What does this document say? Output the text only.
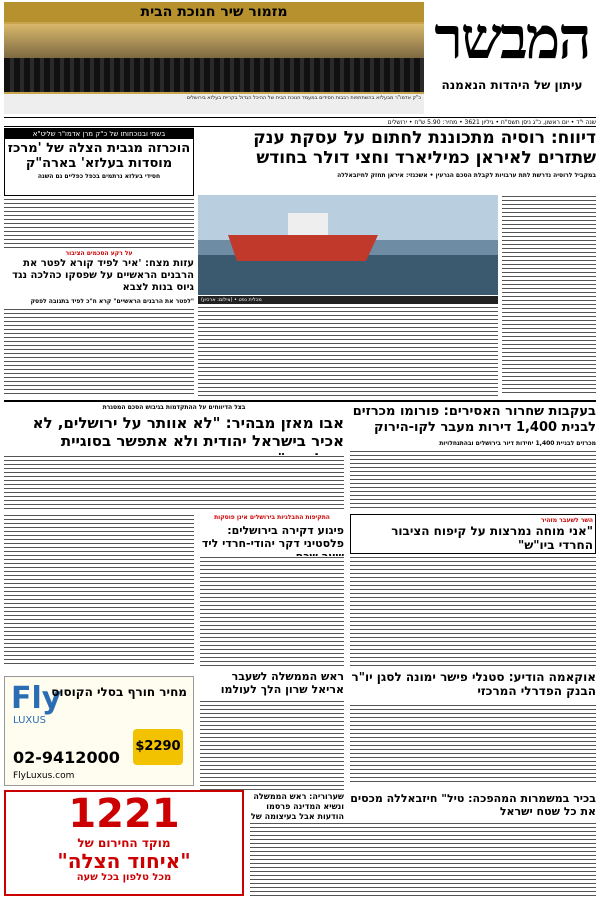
המבשר
עיתון של היהדות הנאמנה
מזמור שיר חנוכת הבית
כ"ק אדמו"ר מבעלזא בהשתתפות רבבות חסידים במעמד חנוכת הבית של ההיכל הגדול בקריית בעלזא בירושלים
שנה י"ד • יום ראשון, כ"ג ניסן תשס"ח • גיליון 3621 • מחיר: 5.90 ש"ח • ירושלים
דיווח: רוסיה מתכוננת לחתום על עסקת ענק שתזרים לאיראן כמיליארד וחצי דולר בחודש
במקביל לרוסיה נדרשת לתת ערבויות לקבלת הסכם הגרעין • אשכנזי: איראן תחזק לחיזבאללה
מכלית נפט • (צילום: ארכיון)
בשתי ובנוכחותו של כ"ק מרן אדמו"ר שליט"א
הוכרזה מגבית הצלה של 'מרכז מוסדות בעלזא' בארה"ק
חסידי בעלזא נרתמים בכפל כפליים גם השנה
על רקע הסכמים הציבור
עזות מצח: 'איר לפיד קורא לפטר את הרבנים הראשיים על שפסקו כהלכה נגד גיוס בנות לצבא
"לפטר את הרבנים הראשיים" קרא ח"כ לפיד בתגובה לפסק
בעקבות שחרור האסירים: פורומו מכרזים לבנית 1,400 דירות מעבר לקו-הירוק
מכרזים לבניית 1,400 יחידות דיור בירושלים ובהתנחלויות
בצל הדיווחים על ההתקדמות בגיבוש הסכם המסגרת
אבו מאזן מבהיר: "לא אוותר על ירושלים, לא אכיר בישראל יהודית ולא אתפשר בסוגיית
השר לשעבר מזהיר
"אני מוחה נמרצות על קיפוח הציבור החרדי ביו"ש"
התקיפות החבלניות בירושלים אינן פוסקות
פיגוע דקירה בירושלים: פלסטיני דקר יהודי-חרדי ליד
אוקאמה הודיע: סטנלי פישר ימונה לסגן יו"ר הבנק הפדרלי המרכזי
ראש הממשלה לשעבר אריאל שרון הלך לעולמו
Fly
LUXUS
מחיר חורף בסלי הקוסוס
$2290
02-9412000
FlyLuxus.com
שערוריה: ראש הממשלה ונשיא המדינה פרסמו הודעות אבל בעיצומה של
בכיר במשמרות המהפכה: טיל" חיזבאללה מכסים את כל שטח ישראל
1221
מוקד החירום של
"איחוד הצלה"
מכל טלפון בכל שעה
